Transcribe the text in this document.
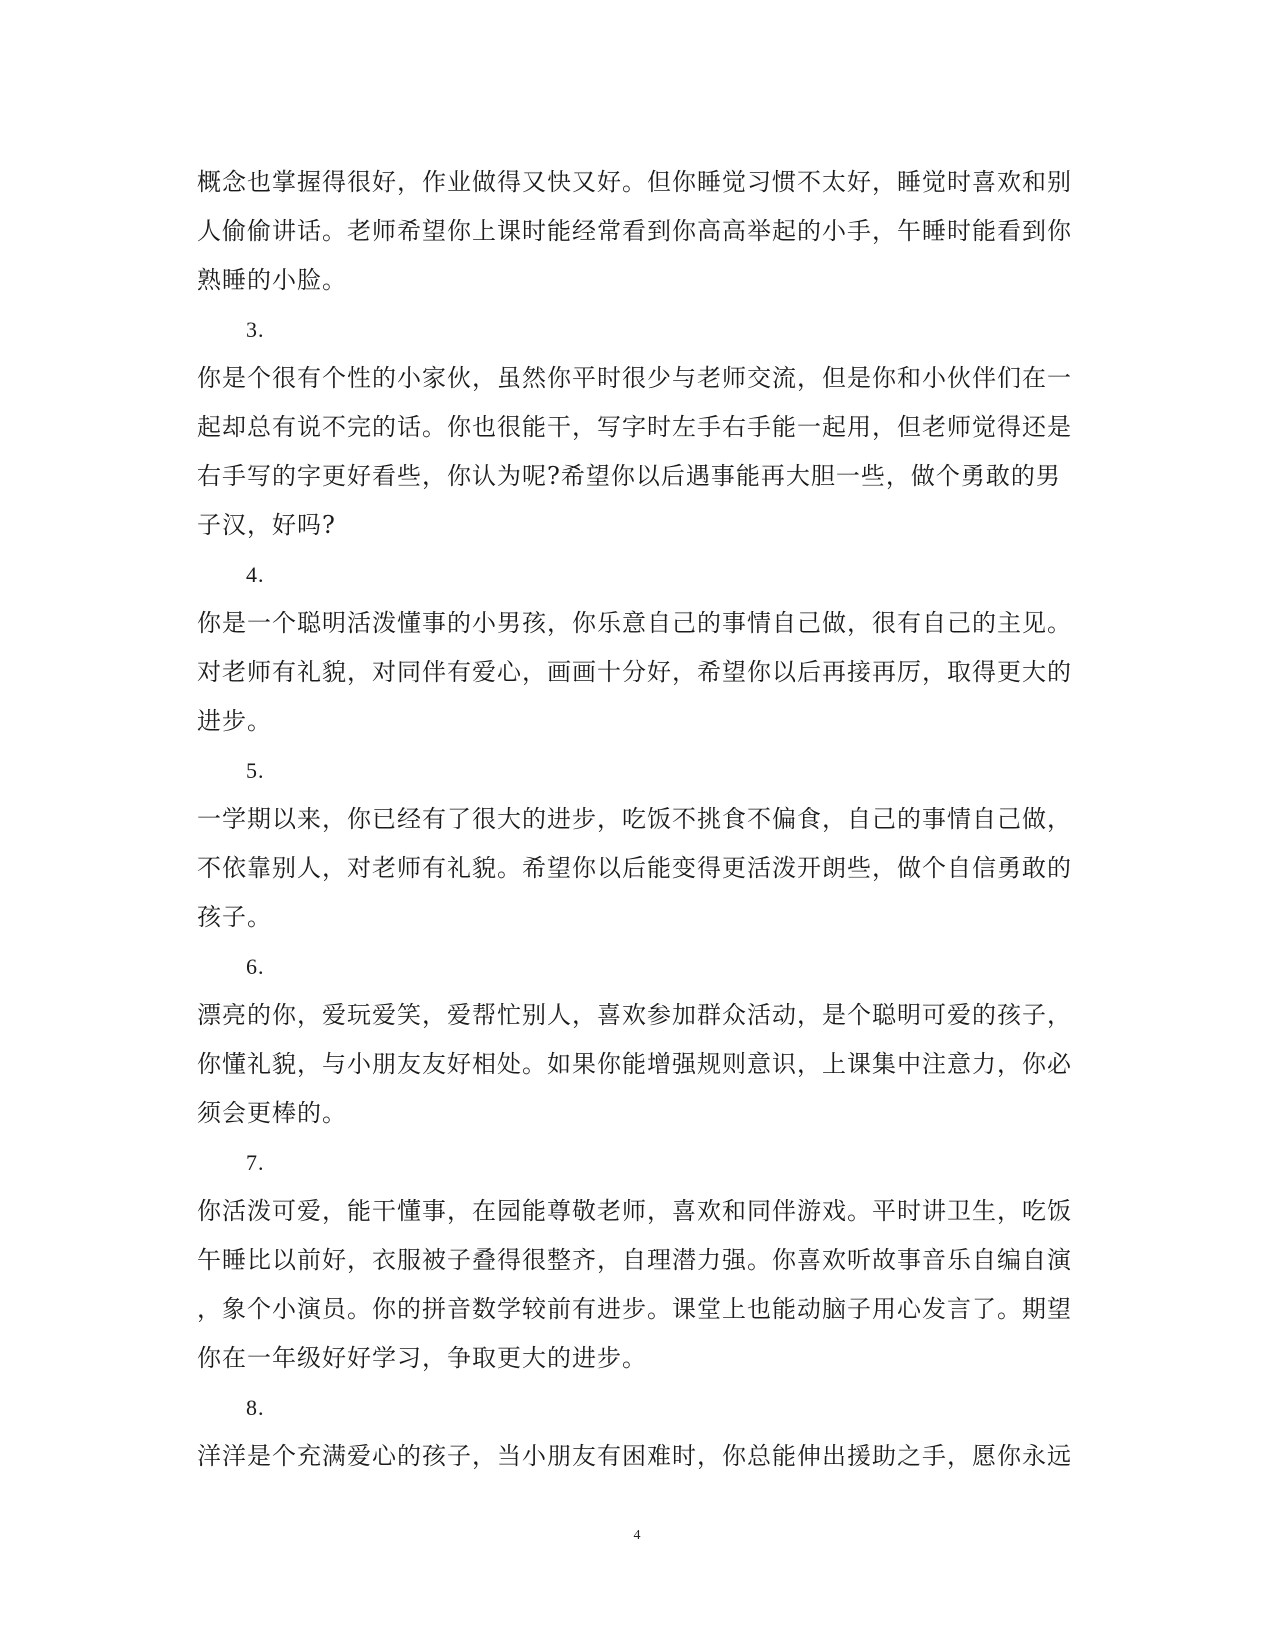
概念也掌握得很好，作业做得又快又好。但你睡觉习惯不太好，睡觉时喜欢和别
人偷偷讲话。老师希望你上课时能经常看到你高高举起的小手，午睡时能看到你
熟睡的小脸。
3.
你是个很有个性的小家伙，虽然你平时很少与老师交流，但是你和小伙伴们在一
起却总有说不完的话。你也很能干，写字时左手右手能一起用，但老师觉得还是
右手写的字更好看些，你认为呢?希望你以后遇事能再大胆一些，做个勇敢的男
子汉，好吗?
4.
你是一个聪明活泼懂事的小男孩，你乐意自己的事情自己做，很有自己的主见。
对老师有礼貌，对同伴有爱心，画画十分好，希望你以后再接再厉，取得更大的
进步。
5.
一学期以来，你已经有了很大的进步，吃饭不挑食不偏食，自己的事情自己做，
不依靠别人，对老师有礼貌。希望你以后能变得更活泼开朗些，做个自信勇敢的
孩子。
6.
漂亮的你，爱玩爱笑，爱帮忙别人，喜欢参加群众活动，是个聪明可爱的孩子，
你懂礼貌，与小朋友友好相处。如果你能增强规则意识，上课集中注意力，你必
须会更棒的。
7.
你活泼可爱，能干懂事，在园能尊敬老师，喜欢和同伴游戏。平时讲卫生，吃饭
午睡比以前好，衣服被子叠得很整齐，自理潜力强。你喜欢听故事音乐自编自演
，象个小演员。你的拼音数学较前有进步。课堂上也能动脑子用心发言了。期望
你在一年级好好学习，争取更大的进步。
8.
洋洋是个充满爱心的孩子，当小朋友有困难时，你总能伸出援助之手，愿你永远
4
